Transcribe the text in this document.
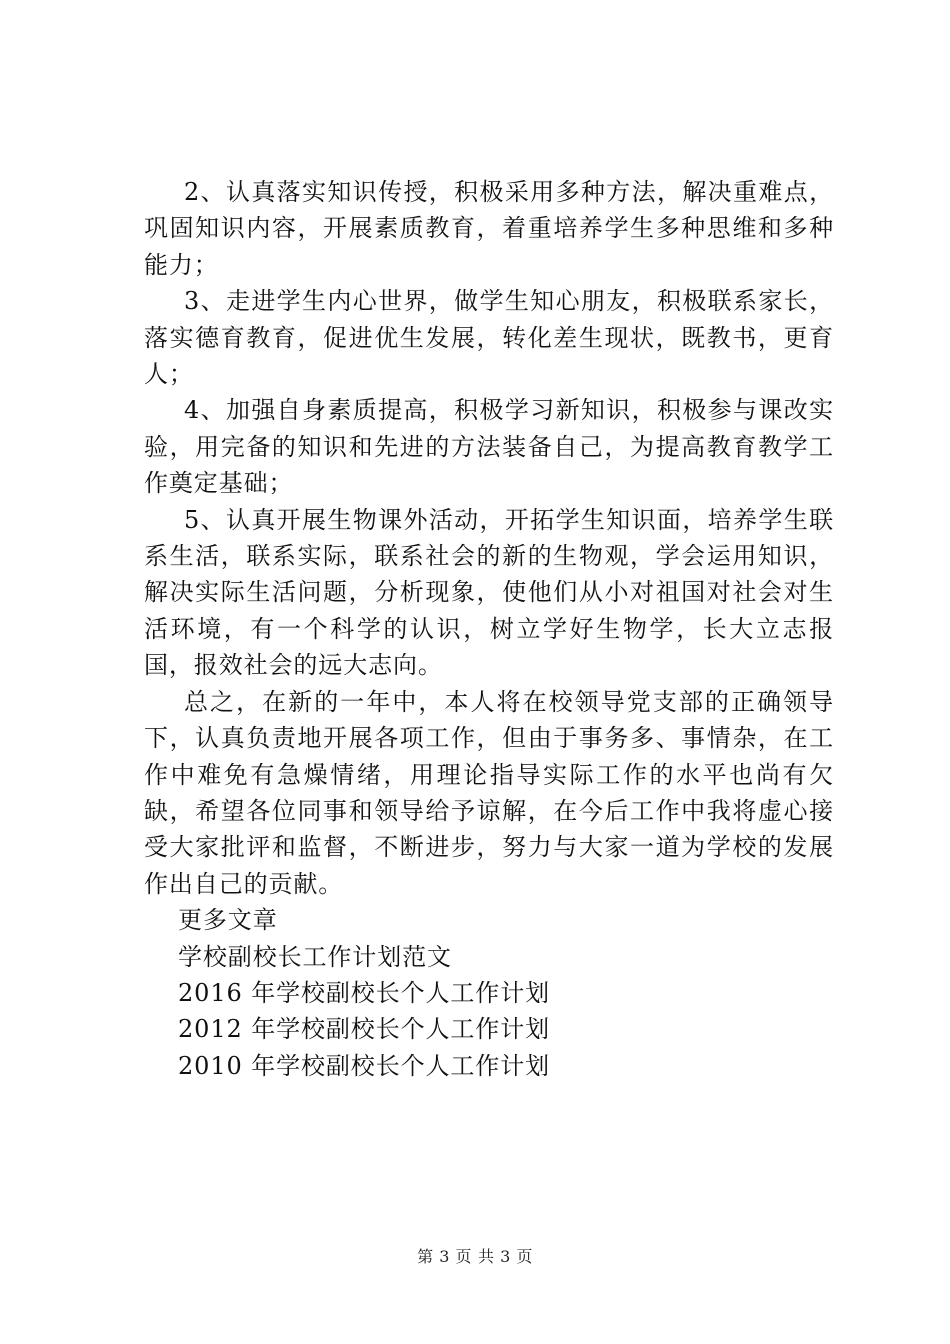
2、认真落实知识传授，积极采用多种方法，解决重难点，巩固知识内容，开展素质教育，着重培养学生多种思维和多种能力；

3、走进学生内心世界，做学生知心朋友，积极联系家长，落实德育教育，促进优生发展，转化差生现状，既教书，更育人；

4、加强自身素质提高，积极学习新知识，积极参与课改实验，用完备的知识和先进的方法装备自己，为提高教育教学工作奠定基础；

5、认真开展生物课外活动，开拓学生知识面，培养学生联系生活，联系实际，联系社会的新的生物观，学会运用知识，解决实际生活问题，分析现象，使他们从小对祖国对社会对生活环境，有一个科学的认识，树立学好生物学，长大立志报国，报效社会的远大志向。

总之，在新的一年中，本人将在校领导党支部的正确领导下，认真负责地开展各项工作，但由于事务多、事情杂，在工作中难免有急燥情绪，用理论指导实际工作的水平也尚有欠缺，希望各位同事和领导给予谅解，在今后工作中我将虚心接受大家批评和监督，不断进步，努力与大家一道为学校的发展作出自己的贡献。

更多文章
学校副校长工作计划范文
2016 年学校副校长个人工作计划
2012 年学校副校长个人工作计划
2010 年学校副校长个人工作计划
第 3 页 共 3 页
